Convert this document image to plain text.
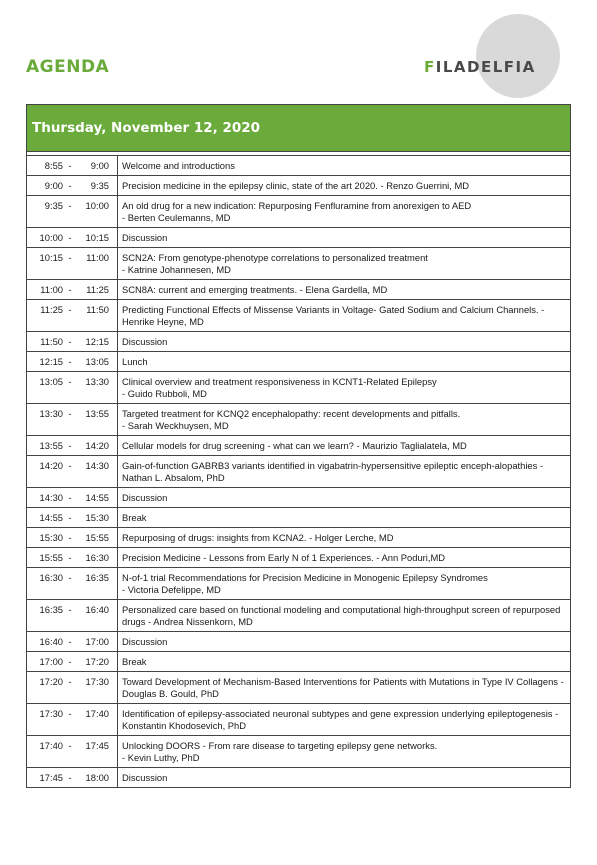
AGENDA	FILADELFIA
Thursday, November 12, 2020
8:55 - 9:00	Welcome and introductions
9:00 - 9:35	Precision medicine in the epilepsy clinic, state of the art 2020. - Renzo Guerrini, MD
9:35 - 10:00	An old drug for a new indication: Repurposing Fenfluramine from anorexigen to AED
- Berten Ceulemanns, MD

10:00 - 10:15	Discussion
10:15 - 11:00	SCN2A: From genotype-phenotype correlations to personalized treatment
- Katrine Johannesen, MD

11:00 - 11:25	SCN8A: current and emerging treatments. - Elena Gardella, MD
11:25 - 11:50	Predicting Functional Effects of Missense Variants in Voltage- Gated Sodium and Calcium Channels. - Henrike Heyne, MD
11:50 - 12:15	Discussion
12:15 - 13:05	Lunch
13:05 - 13:30	Clinical overview and treatment responsiveness in KCNT1-Related Epilepsy
- Guido Rubboli, MD

13:30 - 13:55	Targeted treatment for KCNQ2 encephalopathy: recent developments and pitfalls.
- Sarah Weckhuysen, MD

13:55 - 14:20	Cellular models for drug screening - what can we learn? - Maurizio Taglialatela, MD
14:20 - 14:30	Gain-of-function GABRB3 variants identified in vigabatrin-hypersensitive epileptic enceph-alopathies - Nathan L. Absalom, PhD
14:30 - 14:55	Discussion
14:55 - 15:30	Break
15:30 - 15:55	Repurposing of drugs: insights from KCNA2. - Holger Lerche, MD
15:55 - 16:30	Precision Medicine - Lessons from Early N of 1 Experiences. - Ann Poduri,MD
16:30 - 16:35	N-of-1 trial Recommendations for Precision Medicine in Monogenic Epilepsy Syndromes
- Victoria Defelippe, MD

16:35 - 16:40	Personalized care based on functional modeling and computational high-throughput screen of repurposed drugs - Andrea Nissenkorn, MD
16:40 - 17:00	Discussion
17:00 - 17:20	Break
17:20 - 17:30	Toward Development of Mechanism-Based Interventions for Patients with Mutations in Type IV Collagens - Douglas B. Gould, PhD
17:30 - 17:40	Identification of epilepsy-associated neuronal subtypes and gene expression underlying epileptogenesis - Konstantin Khodosevich, PhD
17:40 - 17:45	Unlocking DOORS - From rare disease to targeting epilepsy gene networks.
- Kevin Luthy, PhD

17:45 - 18:00	Discussion
